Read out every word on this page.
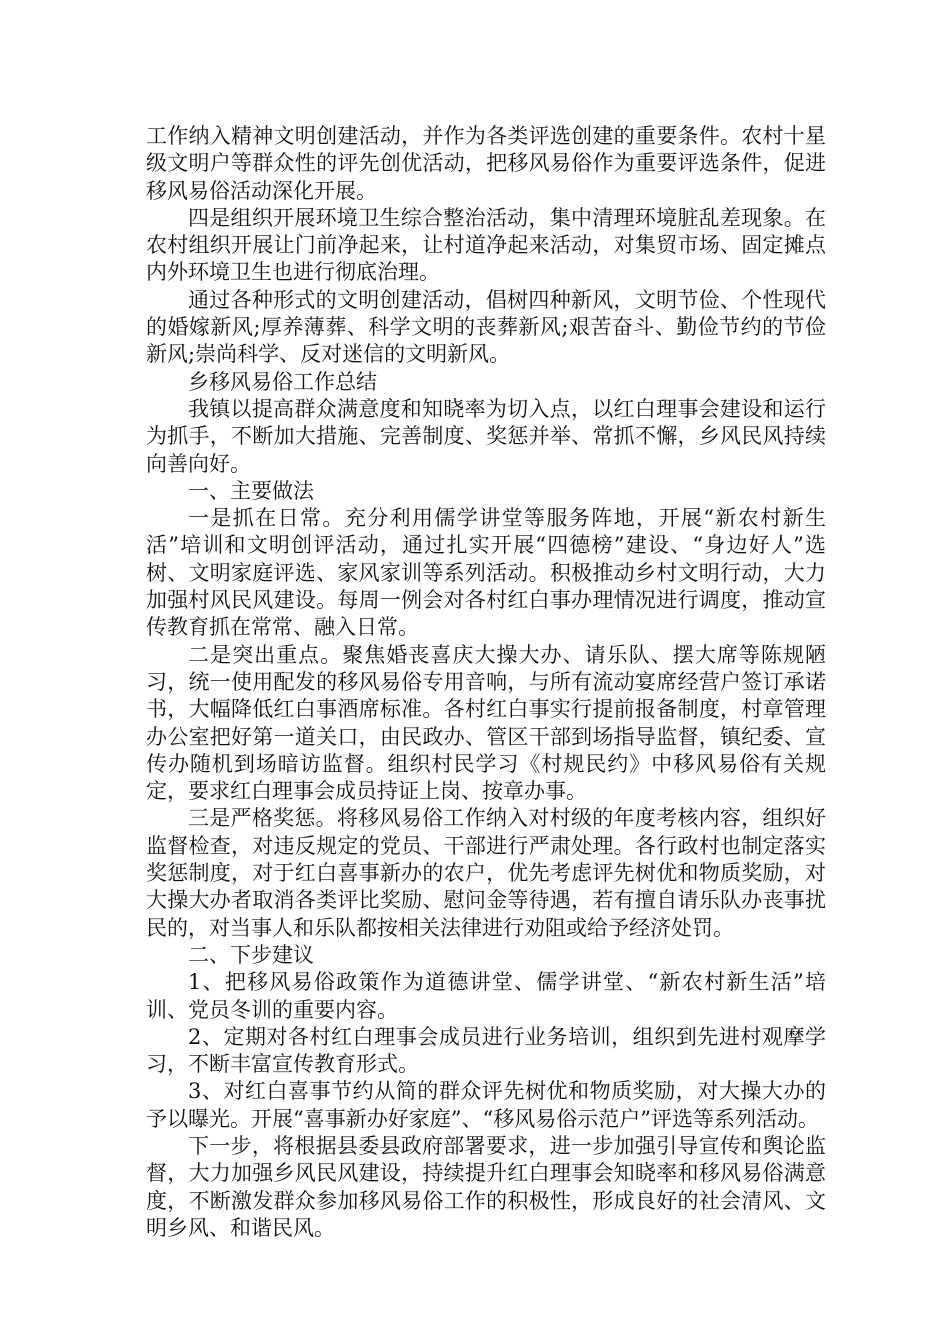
工作纳入精神文明创建活动，并作为各类评选创建的重要条件。农村十星级文明户等群众性的评先创优活动，把移风易俗作为重要评选条件，促进移风易俗活动深化开展。

四是组织开展环境卫生综合整治活动，集中清理环境脏乱差现象。在农村组织开展让门前净起来，让村道净起来活动，对集贸市场、固定摊点内外环境卫生也进行彻底治理。

通过各种形式的文明创建活动，倡树四种新风，文明节俭、个性现代的婚嫁新风;厚养薄葬、科学文明的丧葬新风;艰苦奋斗、勤俭节约的节俭新风;崇尚科学、反对迷信的文明新风。

乡移风易俗工作总结

我镇以提高群众满意度和知晓率为切入点，以红白理事会建设和运行为抓手，不断加大措施、完善制度、奖惩并举、常抓不懈，乡风民风持续向善向好。

一、主要做法

一是抓在日常。充分利用儒学讲堂等服务阵地，开展“新农村新生活”培训和文明创评活动，通过扎实开展“四德榜”建设、“身边好人”选树、文明家庭评选、家风家训等系列活动。积极推动乡村文明行动，大力加强村风民风建设。每周一例会对各村红白事办理情况进行调度，推动宣传教育抓在常常、融入日常。

二是突出重点。聚焦婚丧喜庆大操大办、请乐队、摆大席等陈规陋习，统一使用配发的移风易俗专用音响，与所有流动宴席经营户签订承诺书，大幅降低红白事酒席标准。各村红白事实行提前报备制度，村章管理办公室把好第一道关口，由民政办、管区干部到场指导监督，镇纪委、宣传办随机到场暗访监督。组织村民学习《村规民约》中移风易俗有关规定，要求红白理事会成员持证上岗、按章办事。

三是严格奖惩。将移风易俗工作纳入对村级的年度考核内容，组织好监督检查，对违反规定的党员、干部进行严肃处理。各行政村也制定落实奖惩制度，对于红白喜事新办的农户，优先考虑评先树优和物质奖励，对大操大办者取消各类评比奖励、慰问金等待遇，若有擅自请乐队办丧事扰民的，对当事人和乐队都按相关法律进行劝阻或给予经济处罚。

二、下步建议

1、把移风易俗政策作为道德讲堂、儒学讲堂、“新农村新生活”培训、党员冬训的重要内容。

2、定期对各村红白理事会成员进行业务培训，组织到先进村观摩学习，不断丰富宣传教育形式。

3、对红白喜事节约从简的群众评先树优和物质奖励，对大操大办的予以曝光。开展“喜事新办好家庭”、“移风易俗示范户”评选等系列活动。

下一步，将根据县委县政府部署要求，进一步加强引导宣传和舆论监督，大力加强乡风民风建设，持续提升红白理事会知晓率和移风易俗满意度，不断激发群众参加移风易俗工作的积极性，形成良好的社会清风、文明乡风、和谐民风。
